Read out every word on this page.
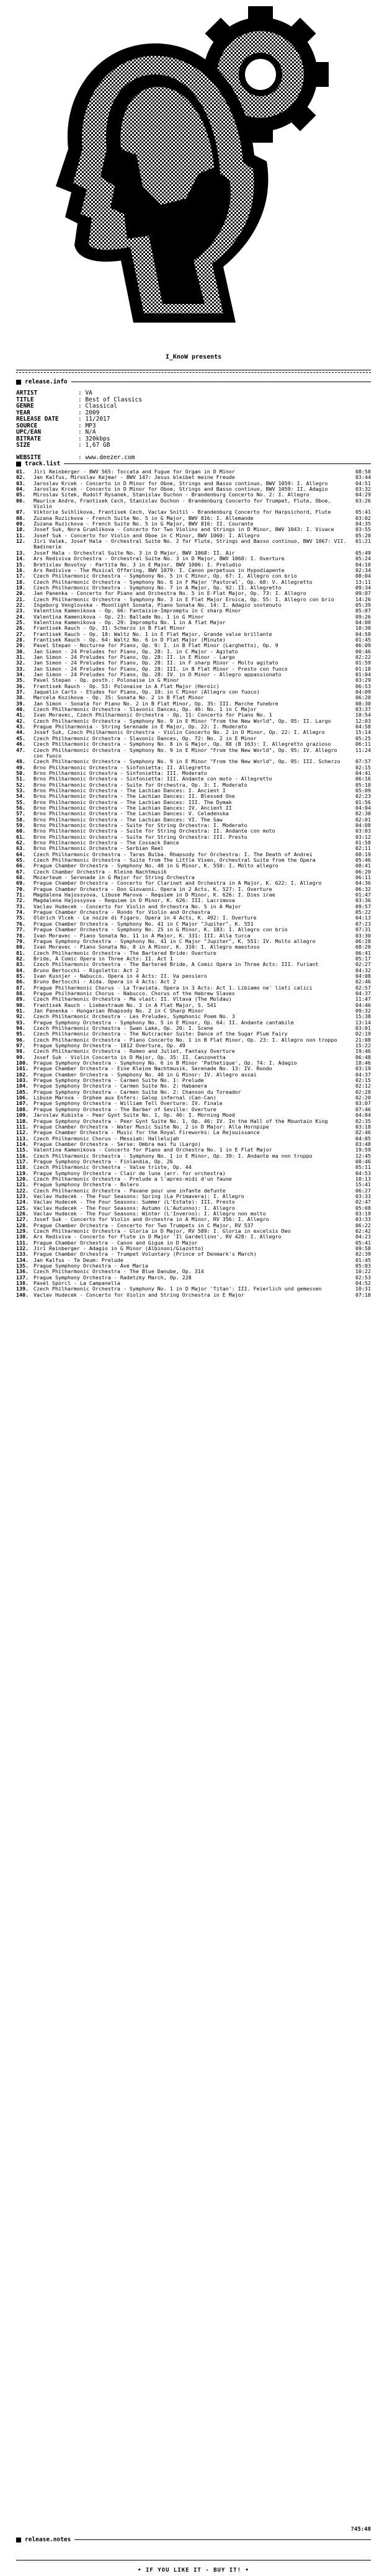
I_KnoW presents
release.info
ARTIST	: VA
TITLE	: Best of Classics
GENRE	: Classical
YEAR	: 2009
RELEASE DATE	: 11/2017
SOURCE	: MP3
UPC/EAN	: N/A
BITRATE	: 320kbps
SIZE	: 1,67 GB
WEBSITE	: www.deezer.com
track.list
01.	Jiri Reinberger - BWV 565: Toccata and Fugue for Organ in D Minor	08:58
02.	Jan Kalfus, Miroslav Kejmar - BWV 147: Jesus bleibet meine Freude	03:44
03.	Jaroslav Krcek - Concerto in D Minor for Oboe, Strings and Basso continuo, BWV 1059: I. Allegro	04:51
04.	Jaroslav Krcek - Concerto in D Minor for Oboe, Strings and Basso continuo, BWV 1059: II. Adagio	03:32
05.	Miroslav Sitek, Rudolf Rysanek, Stanislav Duchon - Brandenburg Concerto No. 2: I. Allegro	04:29
06.	Maurice Andre, Frantisek Cech, Stanislav Duchon - Brandenburg Concerto for Trumpet, Flute, Oboe, Violin
03:26
07.	Viktorie Svihlikova, Frantisek Cech, Vaclav Snitil - Brandenburg Concerto for Harpsichord, Flute	05:41
08.	Zuzana Ruzickova - French Suite No. 5 in G Major, BWV 816: I. Allemande	03:02
09.	Zuzana Ruzickova - French Suite No. 5 in G Major, BWV 816: II. Courante	04:35
10.	Josef Suk, Nora Grumlikova - Concerto for Two Violins and Strings in D Minor, BWV 1043: I. Vivace	03:55
11.	Josef Suk - Concerto for Violin and Oboe in C Minor, BWV 1060: I. Allegro	05:20
12.	Jiri Valek, Josef Hala - Orchestral Suite No. 2 for Flute, Strings and Basso continuo, BWV 1067: VII. Badinerie
01:21
13.	Josef Hala - Orchestral Suite No. 3 in D Major, BWV 1068: II. Air	05:49
14.	Ars Rediviva Orchestra - Orchestral Suite No. 3 in D Major, BWV 1068: I. Overture	05:24
15.	Bretislav Novotny - Partita No. 3 in E Major, BWV 1006: I. Preludio	04:10
16.	Ars Rediviva - The Musical Offering, BWV 1079: I. Canon perpetuus in Hypodiapente	02:34
17.	Czech Philharmonic Orchestra - Symphony No. 5 in C Minor, Op. 67: I. Allegro con brio	08:04
18.	Czech Philharmonic Orchestra - Symphony No. 6 in F Major 'Pastoral', Op. 68: V. Allegretto	13:11
19.	Czech Philharmonic Orchestra - Symphony No. 7 in A Major, Op. 92: II. Allegretto	09:34
20.	Jan Panenka - Concerto for Piano and Orchestra No. 5 in E-Flat Major, Op. 73: I. Allegro	09:07
21.	Czech Philharmonic Orchestra - Symphony No. 3 in E Flat Major Eroica, Op. 55: I. Allegro con brio	14:26
22.	Ingeborg Venglovska - Moonlight Sonata, Piano Sonata No. 14: I. Adagio sostenuto	05:39
23.	Valentina Kamenikova - Op. 66: Fantaisie-Impromptu in C sharp Minor	05:07
24.	Valentina Kamenikova - Op. 23: Ballade No. 1 in G Minor	09:26
25.	Valentina Kamenikova - Op. 29: Impromptu No. 1 in A flat Major	04:00
26.	Frantisek Rauch - Op. 31: Scherzo in B Flat Minor	10:30
27.	Frantisek Rauch - Op. 18: Waltz No. 1 in E Flat Major, Grande valse brillante	04:58
28.	Frantisek Rauch - Op. 64: Waltz No. 6 in D Flat Major (Minute)	01:45
29.	Pavel Stepan - Nocturne for Piano, Op. 9: I. in B Flat Minor (Larghetto), Op. 9	06:09
30.	Jan Simon - 24 Preludes for Piano, Op. 28: I. in C Major - Agitato	00:46
31.	Jan Simon - 24 Preludes for Piano, Op. 28: II. in E Minor - Largo	02:22
32.	Jan Simon - 24 Preludes for Piano, Op. 28: II. in F sharp Minor - Molto agitato	01:59
33.	Jan Simon - 24 Preludes for Piano, Op. 28: III. in B Flat Minor - Presto con fuoco	01:18
34.	Jan Simon - 24 Preludes for Piano, Op. 28: IV. in D Minor - Allegro appassionato	01:04
35.	Pavel Stepan - Op. posth.: Polonaise in G Minor	03:29
36.	Frantisek Rauch - Op. 53: Polonaise in A Flat Major (Heroic)	06:53
37.	Jaquelin Carts - Etudes for Piano, Op. 10: in C Minor (Allegro con fuoco)	04:09
38.	Marcela Kozikova - Op. 35: Sonata No. 2 in B Flat Minor	06:20
39.	Jan Simon - Sonata for Piano No. 2 in B Flat Minor, Op. 35: III. Marche funebre	08:30
40.	Czech Philharmonic Orchestra - Slavonic Dances, Op. 46: No. 1 in C Major	03:37
41.	Ivan Moravec, Czech Philharmonic Orchestra - Op. 11: Concerto for Piano No. 1	10:54
42.	Czech Philharmonic Orchestra - Symphony No. 9 in E Minor "From the New World", Op. 95: II. Largo	12:03
43.	Prague Philharmonia - String Serenade in E Major, Op. 22: I. Moderato	04:58
44.	Josef Suk, Czech Philharmonic Orchestra - Violin Concerto No. 2 in D Minor, Op. 22: I. Allegro	15:14
45.	Czech Philharmonic Orchestra - Slavonic Dances, Op. 72: No. 2 in E Minor	05:25
46.	Czech Philharmonic Orchestra - Symphony No. 8 in G Major, Op. 88 (B 163): I. Allegretto grazioso	06:11
47.	Czech Philharmonic Orchestra - Symphony No. 9 in E Minor "From the New World", Op. 95: IV. Allegro con fuoco
11:24
48.	Czech Philharmonic Orchestra - Symphony No. 9 in E Minor "From the New World", Op. 95: III. Scherzo	07:57
49.	Brno Philharmonic Orchestra - Sinfonietta: II. Allegretto	02:15
50.	Brno Philharmonic Orchestra - Sinfonietta: III. Moderato	04:41
51.	Brno Philharmonic Orchestra - Sinfonietta: III. Andante con moto - Allegretto	06:16
52.	Brno Philharmonic Orchestra - Suite for Orchestra, Op. 3: I. Moderato	05:10
53.	Brno Philharmonic Orchestra - The Lachian Dances: I. Ancient I	05:09
54.	Brno Philharmonic Orchestra - The Lachian Dances: II. Blessed One	02:23
55.	Brno Philharmonic Orchestra - The Lachian Dances: III. The Dymak	01:56
56.	Brno Philharmonic Orchestra - The Lachian Dances: IV. Ancient II	04:04
57.	Brno Philharmonic Orchestra - The Lachian Dances: V. Celadenska	02:30
58.	Brno Philharmonic Orchestra - The Lachian Dances: VI. The Saw	02:01
59.	Brno Philharmonic Orchestra - Suite for String Orchestra: I. Moderato	04:08
60.	Brno Philharmonic Orchestra - Suite for String Orchestra: II. Andante con moto	03:03
61.	Brno Philharmonic Orchestra - Suite for String Orchestra: III. Presto	03:12
62.	Brno Philharmonic Orchestra - The Cossack Dance	01:58
63.	Brno Philharmonic Orchestra - Serbian Reel	02:11
64.	Czech Philharmonic Orchestra - Taras Bulba. Rhapsody for Orchestra: I. The Death of Andrei	08:19
65.	Czech Philharmonic Orchestra - Suite from The Little Vixen, Orchestral Suite from the Opera	05:46
66.	Prague Chamber Orchestra - Symphony No. 40 in G Minor, K. 550: I. Molto allegro	08:41
67.	Czech Chamber Orchestra - Kleine Nachtmusik	06:20
68.	Mozarteum - Serenade in G Major for String Orchestra	06:11
69.	Prague Chamber Orchestra - Concerto for Clarinet and Orchestra in A Major, K. 622: I. Allegro	04:36
70.	Prague Chamber Orchestra - Don Giovanni. Opera in 2 Acts, K. 527: I. Overture	06:32
71.	Magdalena Hajossyova, Libuse Marova - Requiem in D Minor, K. 626: I. Dies irae	01:47
72.	Magdalena Hajossyova - Requiem in D Minor, K. 626: III. Lacrimosa	03:36
73.	Vaclav Hudecek - Concerto for Violin and Orchestra No. 5 in A Major	09:57
74.	Prague Chamber Orchestra - Rondo for Violin and Orchestra	05:22
75.	Oldrich Vlcek - Le nozze di Figaro. Opera in 4 Acts, K. 492: I. Overture	04:13
76.	Prague Chamber Orchestra - Symphony No. 41 in C Major "Jupiter", K. 551	07:23
77.	Prague Chamber Orchestra - Symphony No. 25 in G Minor, K. 183: I. Allegro con brio	07:31
78.	Ivan Moravec - Piano Sonata No. 11 in A Major, K. 331: III. Alla turca	03:30
79.	Prague Symphony Orchestra - Symphony No. 41 in C Major "Jupiter", K. 551: IV. Molto allegro	06:28
80.	Ivan Moravec - Piano Sonata No. 8 in A Minor, K. 310: I. Allegro maestoso	08:20
81.	Czech Philharmonic Orchestra - The Bartered Bride: Overture	06:41
82.	Bride, A Comic Opera in Three Acts: II. Act 1	05:17
83.	Czech Philharmonic Orchestra - The Bartered Bride, A Comic Opera in Three Acts: III. Furiant	02:27
84.	Bruno Bertocchi - Rigoletto: Act 2	04:32
85.	Ivan Kusnjer - Nabucco. Opera in 4 Acts: II. Va pensiero	04:08
86.	Bruno Bertocchi - Aida. Opera in 4 Acts: Act 2	02:46
87.	Prague Philharmonic Chorus - La Traviata. Opera in 3 Acts: Act 1. Libiamo ne' lieti calici	02:57
88.	Prague Philharmonic Chorus - Nabucco. Chorus of the Hebrew Slaves	04:37
89.	Czech Philharmonic Orchestra - Ma vlast: II. Vltava (The Moldau)	11:47
90.	Frantisek Rauch - Liebestraum No. 3 in A Flat Major, S. 541	04:46
91.	Jan Panenka - Hungarian Rhapsody No. 2 in C Sharp Minor	09:32
92.	Czech Philharmonic Orchestra - Les Preludes, Symphonic Poem No. 3	15:38
93.	Prague Symphony Orchestra - Symphony No. 5 in E Minor, Op. 64: II. Andante cantabile	13:14
94.	Czech Philharmonic Orchestra - Swan Lake, Op. 20: I. Scene	03:01
95.	Czech Philharmonic Orchestra - The Nutcracker Suite: Dance of the Sugar Plum Fairy	02:19
96.	Czech Philharmonic Orchestra - Piano Concerto No. 1 in B Flat Minor, Op. 23: I. Allegro non troppo	21:08
97.	Prague Symphony Orchestra - 1812 Overture, Op. 49	15:22
98.	Czech Philharmonic Orchestra - Romeo and Juliet, Fantasy Overture	19:46
99.	Josef Suk - Violin Concerto in D Major, Op. 35: II. Canzonetta	06:48
100. Prague Symphony Orchestra - Symphony No. 6 in B Minor 'Pathetique', Op. 74: I. Adagio	18:46
101. Prague Chamber Orchestra - Eine Kleine Nachtmusik, Serenade No. 13: IV. Rondo	03:19
102. Prague Chamber Orchestra - Symphony No. 40 in G Minor: IV. Allegro assai	04:37
103. Prague Symphony Orchestra - Carmen Suite No. 1: Prelude	02:15
104. Prague Symphony Orchestra - Carmen Suite No. 2: Habanera	02:12
105. Prague Symphony Orchestra - Carmen Suite No. 2: Chanson du Toreador	02:28
106. Libuse Marova - Orphee aux Enfers: Galop infernal (Can-Can)	02:20
107. Prague Symphony Orchestra - William Tell Overture: IV. Finale	03:07
108. Prague Symphony Orchestra - The Barber of Seville: Overture	07:46
109. Jaroslav Kubista - Peer Gynt Suite No. 1, Op. 46: I. Morning Mood	04:04
110. Prague Symphony Orchestra - Peer Gynt Suite No. 1, Op. 46: IV. In the Hall of the Mountain King	02:35
111. Prague Chamber Orchestra - Water Music Suite No. 2 in D Major: Alla Hornpipe	03:18
112. Prague Chamber Orchestra - Music for the Royal Fireworks: La Rejouissance	02:46
113. Czech Philharmonic Chorus - Messiah: Hallelujah	04:05
114. Prague Chamber Orchestra - Serse: Ombra mai fu (Largo)	03:48
115. Valentina Kamenikova - Concerto for Piano and Orchestra No. 1 in E Flat Major	19:59
116. Czech Philharmonic Orchestra - Symphony No. 1 in E Minor, Op. 39: I. Andante ma non troppo	12:45
117. Prague Symphony Orchestra - Finlandia, Op. 26	08:46
118. Czech Philharmonic Orchestra - Valse triste, Op. 44	05:11
119. Prague Symphony Orchestra - Clair de lune (arr. for orchestra)	04:53
120. Czech Philharmonic Orchestra - Prelude a l'apres-midi d'un faune	10:13
121. Prague Symphony Orchestra - Bolero	15:41
122. Czech Philharmonic Orchestra - Pavane pour une infante defunte	06:27
123. Vaclav Hudecek - The Four Seasons: Spring (La Primavera): I. Allegro	03:33
124. Vaclav Hudecek - The Four Seasons: Summer (L'Estate): III. Presto	02:47
125. Vaclav Hudecek - The Four Seasons: Autumn (L'Autunno): I. Allegro	05:08
126. Vaclav Hudecek - The Four Seasons: Winter (L'Inverno): I. Allegro non molto	03:19
127. Josef Suk - Concerto for Violin and Orchestra in A Minor, RV 356: I. Allegro	03:33
128. Prague Chamber Orchestra - Concerto for Two Trumpets in C Major, RV 537	06:22
129. Czech Philharmonic Orchestra - Gloria in D Major, RV 589: I. Gloria in excelsis Deo	02:42
130. Ars Rediviva - Concerto for Flute in D Major 'Il Gardellino', RV 428: I. Allegro	04:23
131. Prague Chamber Orchestra - Canon and Gigue in D Major	05:41
132. Jiri Reinberger - Adagio in G Minor (Albinoni/Giazotto)	09:58
133. Prague Chamber Orchestra - Trumpet Voluntary (Prince of Denmark's March)	02:39
134. Jan Kalfus - Te Deum: Prelude	01:45
135. Prague Symphony Orchestra - Ave Maria	05:03
136. Czech Philharmonic Orchestra - The Blue Danube, Op. 314	10:22
137. Prague Symphony Orchestra - Radetzky March, Op. 228	02:53
138. Pavel Sporcl - La Campanella	04:52
139. Czech Philharmonic Orchestra - Symphony No. 1 in D Major 'Titan': III. Feierlich und gemessen	10:31
140. Vaclav Hudecek - Concerto for Violin and String Orchestra in E Major	07:18
?45:48
release.notes
• IF YOU LIKE IT - BUY IT! •
